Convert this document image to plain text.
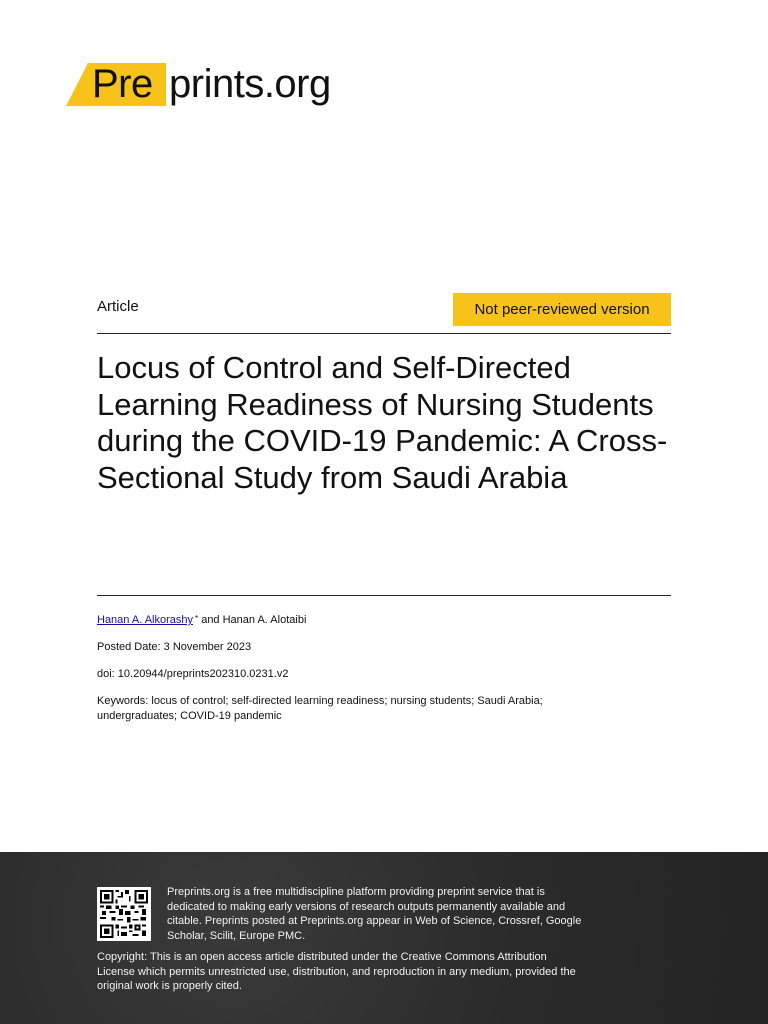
Pre prints.org
Article	Not peer-reviewed version
Locus of Control and Self-Directed Learning Readiness of Nursing Students during the COVID-19 Pandemic: A Cross-Sectional Study from Saudi Arabia
Hanan A. Alkorashy * and Hanan A. Alotaibi
Posted Date: 3 November 2023
doi: 10.20944/preprints202310.0231.v2
Keywords: locus of control; self-directed learning readiness; nursing students; Saudi Arabia; undergraduates; COVID-19 pandemic
Preprints.org is a free multidiscipline platform providing preprint service that is dedicated to making early versions of research outputs permanently available and citable. Preprints posted at Preprints.org appear in Web of Science, Crossref, Google Scholar, Scilit, Europe PMC.
Copyright: This is an open access article distributed under the Creative Commons Attribution License which permits unrestricted use, distribution, and reproduction in any medium, provided the original work is properly cited.
